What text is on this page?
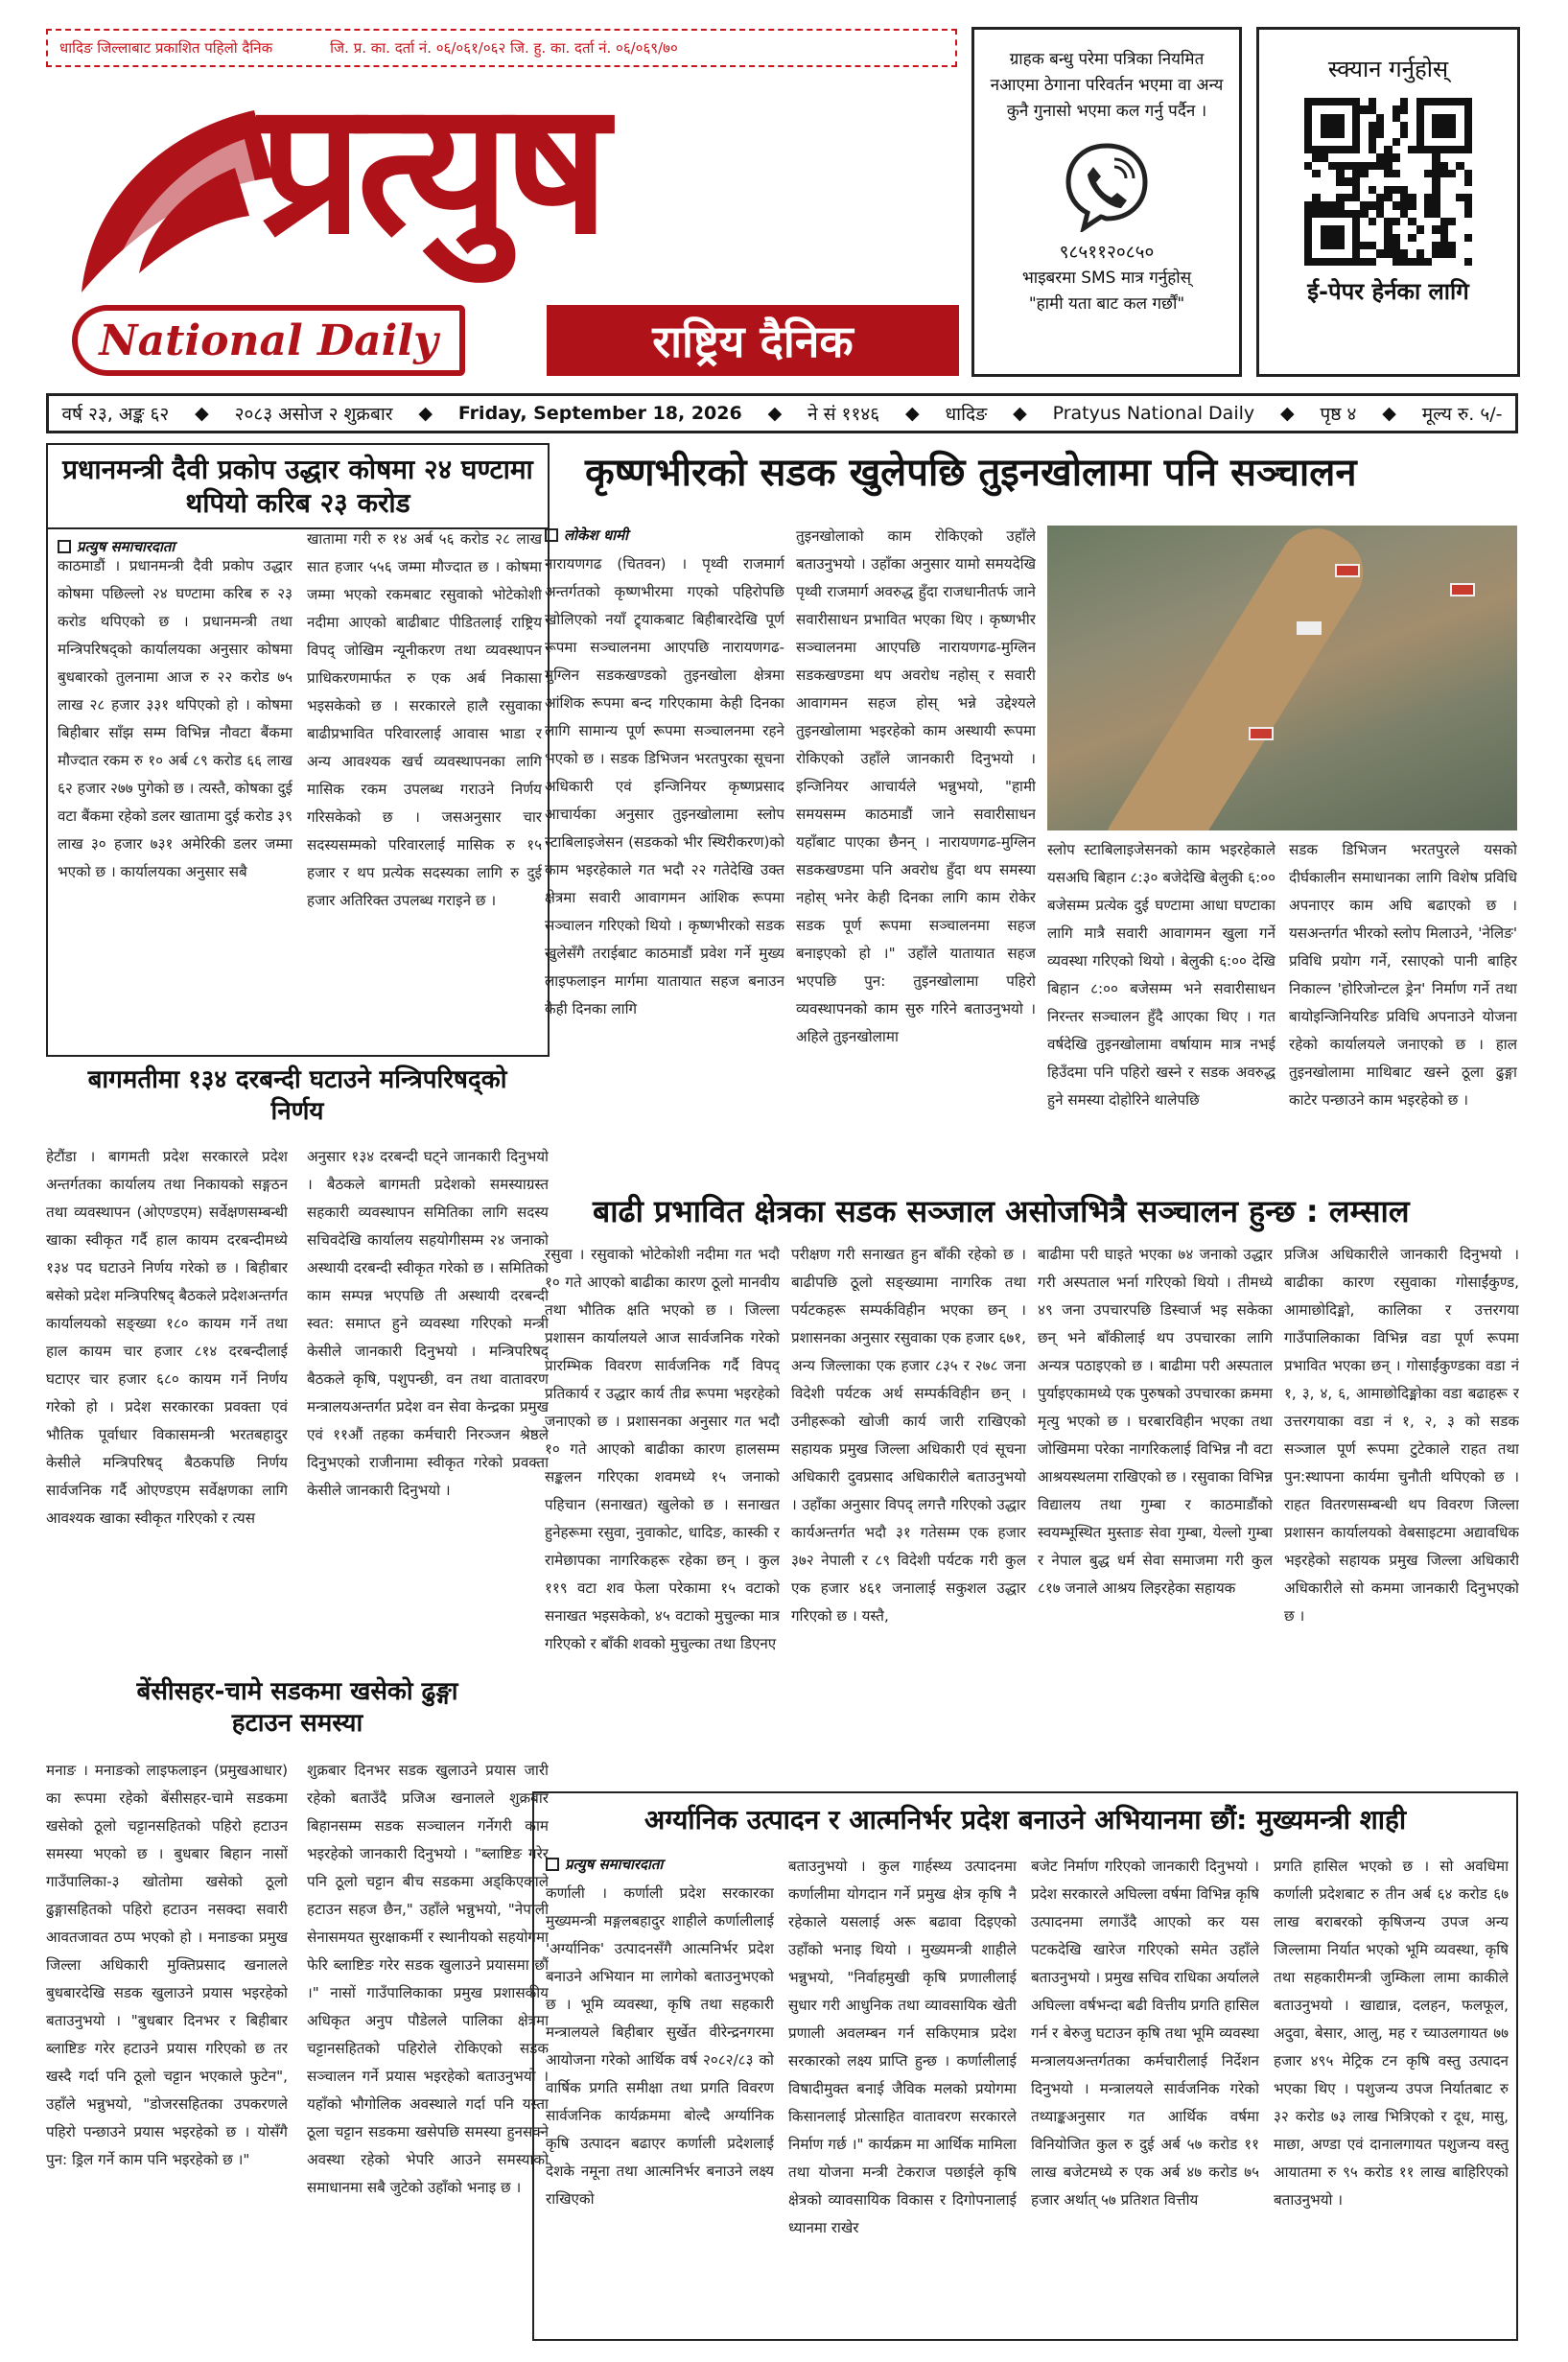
धादिङ जिल्लाबाट प्रकाशित पहिलो दैनिक	जि. प्र. का. दर्ता नं. ०६/०६१/०६२ जि. हु. का. दर्ता नं. ०६/०६९/७०
प्रत्युष
National Daily	राष्ट्रिय दैनिक
ग्राहक बन्धु परेमा पत्रिका नियमित नआएमा ठेगाना परिवर्तन भएमा वा अन्य कुनै गुनासो भएमा कल गर्नु पर्दैन ।
९८५११२०८५०
भाइबरमा SMS मात्र गर्नुहोस्
"हामी यता बाट कल गर्छौं"
स्क्यान गर्नुहोस्
ई-पेपर हेर्नका लागि
वर्ष २३, अङ्क ६२ ◆ २०८३ असोज २ शुक्रबार ◆ Friday, September 18, 2026 ◆ ने सं ११४६ ◆ धादिङ ◆ Pratyus National Daily ◆ पृष्ठ ४ ◆ मूल्य रु. ५/-
प्रधानमन्त्री दैवी प्रकोप उद्धार कोषमा २४ घण्टामा थपियो करिब २३ करोड
प्रत्युष समाचारदाता
काठमाडौं । प्रधानमन्त्री दैवी प्रकोप उद्धार कोषमा पछिल्लो २४ घण्टामा करिब रु २३ करोड थपिएको छ । प्रधानमन्त्री तथा मन्त्रिपरिषद्को कार्यालयका अनुसार कोषमा बुधबारको तुलनामा आज रु २२ करोड ७५ लाख २८ हजार ३३१ थपिएको हो । कोषमा बिहीबार साँझ सम्म विभिन्न नौवटा बैंकमा मौज्दात रकम रु १० अर्ब ८९ करोड ६६ लाख ६२ हजार २७७ पुगेको छ । त्यस्तै, कोषका दुई वटा बैंकमा रहेको डलर खातामा दुई करोड ३९ लाख ३० हजार ७३१ अमेरिकी डलर जम्मा भएको छ । कार्यालयका अनुसार सबै
खातामा गरी रु १४ अर्ब ५६ करोड २८ लाख सात हजार ५५६ जम्मा मौज्दात छ । कोषमा जम्मा भएको रकमबाट रसुवाको भोटेकोशी नदीमा आएको बाढीबाट पीडितलाई राष्ट्रिय विपद् जोखिम न्यूनीकरण तथा व्यवस्थापन प्राधिकरणमार्फत रु एक अर्ब निकासा भइसकेको छ । सरकारले हालै रसुवाका बाढीप्रभावित परिवारलाई आवास भाडा र अन्य आवश्यक खर्च व्यवस्थापनका लागि मासिक रकम उपलब्ध गराउने निर्णय गरिसकेको छ । जसअनुसार चार सदस्यसम्मको परिवारलाई मासिक रु १५ हजार र थप प्रत्येक सदस्यका लागि रु दुई हजार अतिरिक्त उपलब्ध गराइने छ ।
बागमतीमा १३४ दरबन्दी घटाउने मन्त्रिपरिषद्को निर्णय
हेटौंडा । बागमती प्रदेश सरकारले प्रदेश अन्तर्गतका कार्यालय तथा निकायको सङ्गठन तथा व्यवस्थापन (ओएण्डएम) सर्वेक्षणसम्बन्धी खाका स्वीकृत गर्दै हाल कायम दरबन्दीमध्ये १३४ पद घटाउने निर्णय गरेको छ । बिहीबार बसेको प्रदेश मन्त्रिपरिषद् बैठकले प्रदेशअन्तर्गत कार्यालयको सङ्ख्या १८० कायम गर्ने तथा हाल कायम चार हजार ८१४ दरबन्दीलाई घटाएर चार हजार ६८० कायम गर्ने निर्णय गरेको हो । प्रदेश सरकारका प्रवक्ता एवं भौतिक पूर्वाधार विकासमन्त्री भरतबहादुर केसीले मन्त्रिपरिषद् बैठकपछि निर्णय सार्वजनिक गर्दै ओएण्डएम सर्वेक्षणका लागि आवश्यक खाका स्वीकृत गरिएको र त्यस
अनुसार १३४ दरबन्दी घट्ने जानकारी दिनुभयो । बैठकले बागमती प्रदेशको समस्याग्रस्त सहकारी व्यवस्थापन समितिका लागि सदस्य सचिवदेखि कार्यालय सहयोगीसम्म २४ जनाको अस्थायी दरबन्दी स्वीकृत गरेको छ । समितिको काम सम्पन्न भएपछि ती अस्थायी दरबन्दी स्वत: समाप्त हुने व्यवस्था गरिएको मन्त्री केसीले जानकारी दिनुभयो । मन्त्रिपरिषद् बैठकले कृषि, पशुपन्छी, वन तथा वातावरण मन्त्रालयअन्तर्गत प्रदेश वन सेवा केन्द्रका प्रमुख एवं ११औं तहका कर्मचारी निरञ्जन श्रेष्ठले दिनुभएको राजीनामा स्वीकृत गरेको प्रवक्ता केसीले जानकारी दिनुभयो ।
बेंसीसहर-चामे सडकमा खसेको ढुङ्गा हटाउन समस्या
मनाङ । मनाङको लाइफलाइन (प्रमुखआधार) का रूपमा रहेको बेंसीसहर-चामे सडकमा खसेको ठूलो चट्टानसहितको पहिरो हटाउन समस्या भएको छ । बुधबार बिहान नासों गाउँपालिका-३ खोतोमा खसेको ठूलो ढुङ्गासहितको पहिरो हटाउन नसक्दा सवारी आवतजावत ठप्प भएको हो । मनाङका प्रमुख जिल्ला अधिकारी मुक्तिप्रसाद खनालले बुधबारदेखि सडक खुलाउने प्रयास भइरहेको बताउनुभयो । "बुधबार दिनभर र बिहीबार ब्लाष्टिङ गरेर हटाउने प्रयास गरिएको छ तर खस्दै गर्दा पनि ठूलो चट्टान भएकाले फुटेन", उहाँले भन्नुभयो, "डोजरसहितका उपकरणले पहिरो पन्छाउने प्रयास भइरहेको छ । योसँगै पुन: ड्रिल गर्ने काम पनि भइरहेको छ ।"
शुक्रबार दिनभर सडक खुलाउने प्रयास जारी रहेको बताउँदै प्रजिअ खनालले शुक्रबार बिहानसम्म सडक सञ्चालन गर्नेगरी काम भइरहेको जानकारी दिनुभयो । "ब्लाष्टिङ गरेर पनि ठूलो चट्टान बीच सडकमा अड्किएकाले हटाउन सहज छैन," उहाँले भन्नुभयो, "नेपाली सेनासमयत सुरक्षाकर्मी र स्थानीयको सहयोगमा फेरि ब्लाष्टिङ गरेर सडक खुलाउने प्रयासमा छौं ।" नासों गाउँपालिकाका प्रमुख प्रशासकीय अधिकृत अनुप पौडेलले पालिका क्षेत्रमा चट्टानसहितको पहिरोले रोकिएको सडक सञ्चालन गर्ने प्रयास भइरहेको बताउनुभयो । यहाँको भौगोलिक अवस्थाले गर्दा पनि यस्ता ठूला चट्टान सडकमा खसेपछि समस्या हुनसक्ने अवस्था रहेको भेपरि आउने समस्याको समाधानमा सबै जुटेको उहाँको भनाइ छ ।
कृष्णभीरको सडक खुलेपछि तुइनखोलामा पनि सञ्चालन
लोकेश धामी
नारायणगढ (चितवन) । पृथ्वी राजमार्ग अन्तर्गतको कृष्णभीरमा गएको पहिरोपछि खोलिएको नयाँ ट्र्याकबाट बिहीबारदेखि पूर्ण रूपमा सञ्चालनमा आएपछि नारायणगढ-मुग्लिन सडकखण्डको तुइनखोला क्षेत्रमा आंशिक रूपमा बन्द गरिएकामा केही दिनका लागि सामान्य पूर्ण रूपमा सञ्चालनमा रहने भएको छ । सडक डिभिजन भरतपुरका सूचना अधिकारी एवं इन्जिनियर कृष्णप्रसाद आचार्यका अनुसार तुइनखोलामा स्लोप स्टाबिलाइजेसन (सडकको भीर स्थिरीकरण)को काम भइरहेकाले गत भदौ २२ गतेदेखि उक्त क्षेत्रमा सवारी आवागमन आंशिक रूपमा सञ्चालन गरिएको थियो । कृष्णभीरको सडक खुलेसँगै तराईबाट काठमाडौं प्रवेश गर्ने मुख्य लाइफलाइन मार्गमा यातायात सहज बनाउन केही दिनका लागि
तुइनखोलाको काम रोकिएको उहाँले बताउनुभयो । उहाँका अनुसार यामो समयदेखि पृथ्वी राजमार्ग अवरुद्ध हुँदा राजधानीतर्फ जाने सवारीसाधन प्रभावित भएका थिए । कृष्णभीर सञ्चालनमा आएपछि नारायणगढ-मुग्लिन सडकखण्डमा थप अवरोध नहोस् र सवारी आवागमन सहज होस् भन्ने उद्देश्यले तुइनखोलामा भइरहेको काम अस्थायी रूपमा रोकिएको उहाँले जानकारी दिनुभयो । इन्जिनियर आचार्यले भन्नुभयो, "हामी समयसम्म काठमाडौं जाने सवारीसाधन यहाँबाट पाएका छैनन् । नारायणगढ-मुग्लिन सडकखण्डमा पनि अवरोध हुँदा थप समस्या नहोस् भनेर केही दिनका लागि काम रोकेर सडक पूर्ण रूपमा सञ्चालनमा सहज बनाइएको हो ।" उहाँले यातायात सहज भएपछि पुन: तुइनखोलामा पहिरो व्यवस्थापनको काम सुरु गरिने बताउनुभयो । अहिले तुइनखोलामा
स्लोप स्टाबिलाइजेसनको काम भइरहेकाले यसअघि बिहान ८:३० बजेदेखि बेलुकी ६:०० बजेसम्म प्रत्येक दुई घण्टामा आधा घण्टाका लागि मात्रै सवारी आवागमन खुला गर्ने व्यवस्था गरिएको थियो । बेलुकी ६:०० देखि बिहान ८:०० बजेसम्म भने सवारीसाधन निरन्तर सञ्चालन हुँदै आएका थिए । गत वर्षदेखि तुइनखोलामा वर्षायाम मात्र नभई हिउँदमा पनि पहिरो खस्ने र सडक अवरुद्ध हुने समस्या दोहोरिने थालेपछि
सडक डिभिजन भरतपुरले यसको दीर्घकालीन समाधानका लागि विशेष प्रविधि अपनाएर काम अघि बढाएको छ । यसअन्तर्गत भीरको स्लोप मिलाउने, 'नेलिङ' प्रविधि प्रयोग गर्ने, रसाएको पानी बाहिर निकाल्न 'होरिजोन्टल ड्रेन' निर्माण गर्ने तथा बायोइन्जिनियरिङ प्रविधि अपनाउने योजना रहेको कार्यालयले जनाएको छ । हाल तुइनखोलामा माथिबाट खस्ने ठूला ढुङ्गा काटेर पन्छाउने काम भइरहेको छ ।
बाढी प्रभावित क्षेत्रका सडक सञ्जाल असोजभित्रै सञ्चालन हुन्छ : लम्साल
रसुवा । रसुवाको भोटेकोशी नदीमा गत भदौ १० गते आएको बाढीका कारण ठूलो मानवीय तथा भौतिक क्षति भएको छ । जिल्ला प्रशासन कार्यालयले आज सार्वजनिक गरेको प्रारम्भिक विवरण सार्वजनिक गर्दै विपद् प्रतिकार्य र उद्धार कार्य तीव्र रूपमा भइरहेको जनाएको छ । प्रशासनका अनुसार गत भदौ १० गते आएको बाढीका कारण हालसम्म सङ्कलन गरिएका शवमध्ये १५ जनाको पहिचान (सनाखत) खुलेको छ । सनाखत हुनेहरूमा रसुवा, नुवाकोट, धादिङ, कास्की र रामेछापका नागरिकहरू रहेका छन् । कुल ११९ वटा शव फेला परेकामा १५ वटाको सनाखत भइसकेको, ४५ वटाको मुचुल्का मात्र गरिएको र बाँकी शवको मुचुल्का तथा डिएनए
परीक्षण गरी सनाखत हुन बाँकी रहेको छ । बाढीपछि ठूलो सङ्ख्यामा नागरिक तथा पर्यटकहरू सम्पर्कविहीन भएका छन् । प्रशासनका अनुसार रसुवाका एक हजार ६७१, अन्य जिल्लाका एक हजार ८३५ र २७८ जना विदेशी पर्यटक अर्थ सम्पर्कविहीन छन् । उनीहरूको खोजी कार्य जारी राखिएको सहायक प्रमुख जिल्ला अधिकारी एवं सूचना अधिकारी दुवप्रसाद अधिकारीले बताउनुभयो । उहाँका अनुसार विपद् लगत्तै गरिएको उद्धार कार्यअन्तर्गत भदौ ३१ गतेसम्म एक हजार ३७२ नेपाली र ८९ विदेशी पर्यटक गरी कुल एक हजार ४६१ जनालाई सकुशल उद्धार गरिएको छ । यस्तै,
बाढीमा परी घाइते भएका ७४ जनाको उद्धार गरी अस्पताल भर्ना गरिएको थियो । तीमध्ये ४९ जना उपचारपछि डिस्चार्ज भइ सकेका छन् भने बाँकीलाई थप उपचारका लागि अन्यत्र पठाइएको छ । बाढीमा परी अस्पताल पुर्याइएकामध्ये एक पुरुषको उपचारका क्रममा मृत्यु भएको छ । घरबारविहीन भएका तथा जोखिममा परेका नागरिकलाई विभिन्न नौ वटा आश्रयस्थलमा राखिएको छ । रसुवाका विभिन्न विद्यालय तथा गुम्बा र काठमाडौंको स्वयम्भूस्थित मुस्ताङ सेवा गुम्बा, येल्लो गुम्बा र नेपाल बुद्ध धर्म सेवा समाजमा गरी कुल ८१७ जनाले आश्रय लिइरहेका सहायक
प्रजिअ अधिकारीले जानकारी दिनुभयो । बाढीका कारण रसुवाका गोसाईंकुण्ड, आमाछोदिङ्मो, कालिका र उत्तरगया गाउँपालिकाका विभिन्न वडा पूर्ण रूपमा प्रभावित भएका छन् । गोसाईंकुण्डका वडा नं १, ३, ४, ६, आमाछोदिङ्मोका वडा बढाहरू र उत्तरगयाका वडा नं १, २, ३ को सडक सञ्जाल पूर्ण रूपमा टुटेकाले राहत तथा पुन:स्थापना कार्यमा चुनौती थपिएको छ । राहत वितरणसम्बन्धी थप विवरण जिल्ला प्रशासन कार्यालयको वेबसाइटमा अद्यावधिक भइरहेको सहायक प्रमुख जिल्ला अधिकारी अधिकारीले सो कममा जानकारी दिनुभएको छ ।
अर्ग्यानिक उत्पादन र आत्मनिर्भर प्रदेश बनाउने अभियानमा छौं: मुख्यमन्त्री शाही
प्रत्युष समाचारदाता
कर्णाली । कर्णाली प्रदेश सरकारका मुख्यमन्त्री मङ्गलबहादुर शाहीले कर्णालीलाई 'अर्ग्यानिक' उत्पादनसँगै आत्मनिर्भर प्रदेश बनाउने अभियान मा लागेको बताउनुभएको छ । भूमि व्यवस्था, कृषि तथा सहकारी मन्त्रालयले बिहीबार सुर्खेत वीरेन्द्रनगरमा आयोजना गरेको आर्थिक वर्ष २०८२/८३ को वार्षिक प्रगति समीक्षा तथा प्रगति विवरण सार्वजनिक कार्यक्रममा बोल्दै अर्ग्यानिक कृषि उत्पादन बढाएर कर्णाली प्रदेशलाई देशके नमूना तथा आत्मनिर्भर बनाउने लक्ष्य राखिएको
बताउनुभयो । कुल गार्हस्थ्य उत्पादनमा कर्णालीमा योगदान गर्ने प्रमुख क्षेत्र कृषि नै रहेकाले यसलाई अरू बढावा दिइएको उहाँको भनाइ थियो । मुख्यमन्त्री शाहीले भन्नुभयो, "निर्वाहमुखी कृषि प्रणालीलाई सुधार गरी आधुनिक तथा व्यावसायिक खेती प्रणाली अवलम्बन गर्न सकिएमात्र प्रदेश सरकारको लक्ष्य प्राप्ति हुन्छ । कर्णालीलाई विषादीमुक्त बनाई जैविक मलको प्रयोगमा किसानलाई प्रोत्साहित वातावरण सरकारले निर्माण गर्छ ।" कार्यक्रम मा आर्थिक मामिला तथा योजना मन्त्री टेकराज पछाईले कृषि क्षेत्रको व्यावसायिक विकास र दिगोपनालाई ध्यानमा राखेर
बजेट निर्माण गरिएको जानकारी दिनुभयो । प्रदेश सरकारले अघिल्ला वर्षमा विभिन्न कृषि उत्पादनमा लगाउँदै आएको कर यस पटकदेखि खारेज गरिएको समेत उहाँले बताउनुभयो । प्रमुख सचिव राधिका अर्यालले अघिल्ला वर्षभन्दा बढी वित्तीय प्रगति हासिल गर्न र बेरुजु घटाउन कृषि तथा भूमि व्यवस्था मन्त्रालयअन्तर्गतका कर्मचारीलाई निर्देशन दिनुभयो । मन्त्रालयले सार्वजनिक गरेको तथ्याङ्कअनुसार गत आर्थिक वर्षमा विनियोजित कुल रु दुई अर्ब ५७ करोड ११ लाख बजेटमध्ये रु एक अर्ब ४७ करोड ७५ हजार अर्थात् ५७ प्रतिशत वित्तीय
प्रगति हासिल भएको छ । सो अवधिमा कर्णाली प्रदेशबाट रु तीन अर्ब ६४ करोड ६७ लाख बराबरको कृषिजन्य उपज अन्य जिल्लामा निर्यात भएको भूमि व्यवस्था, कृषि तथा सहकारीमन्त्री जुम्किला लामा काकीले बताउनुभयो । खाद्यान्न, दलहन, फलफूल, अदुवा, बेसार, आलु, मह र च्याउलगायत ७७ हजार ४९५ मेट्रिक टन कृषि वस्तु उत्पादन भएका थिए । पशुजन्य उपज निर्यातबाट रु ३२ करोड ७३ लाख भित्रिएको र दूध, मासु, माछा, अण्डा एवं दानालगायत पशुजन्य वस्तु आयातमा रु ९५ करोड ११ लाख बाहिरिएको बताउनुभयो ।
